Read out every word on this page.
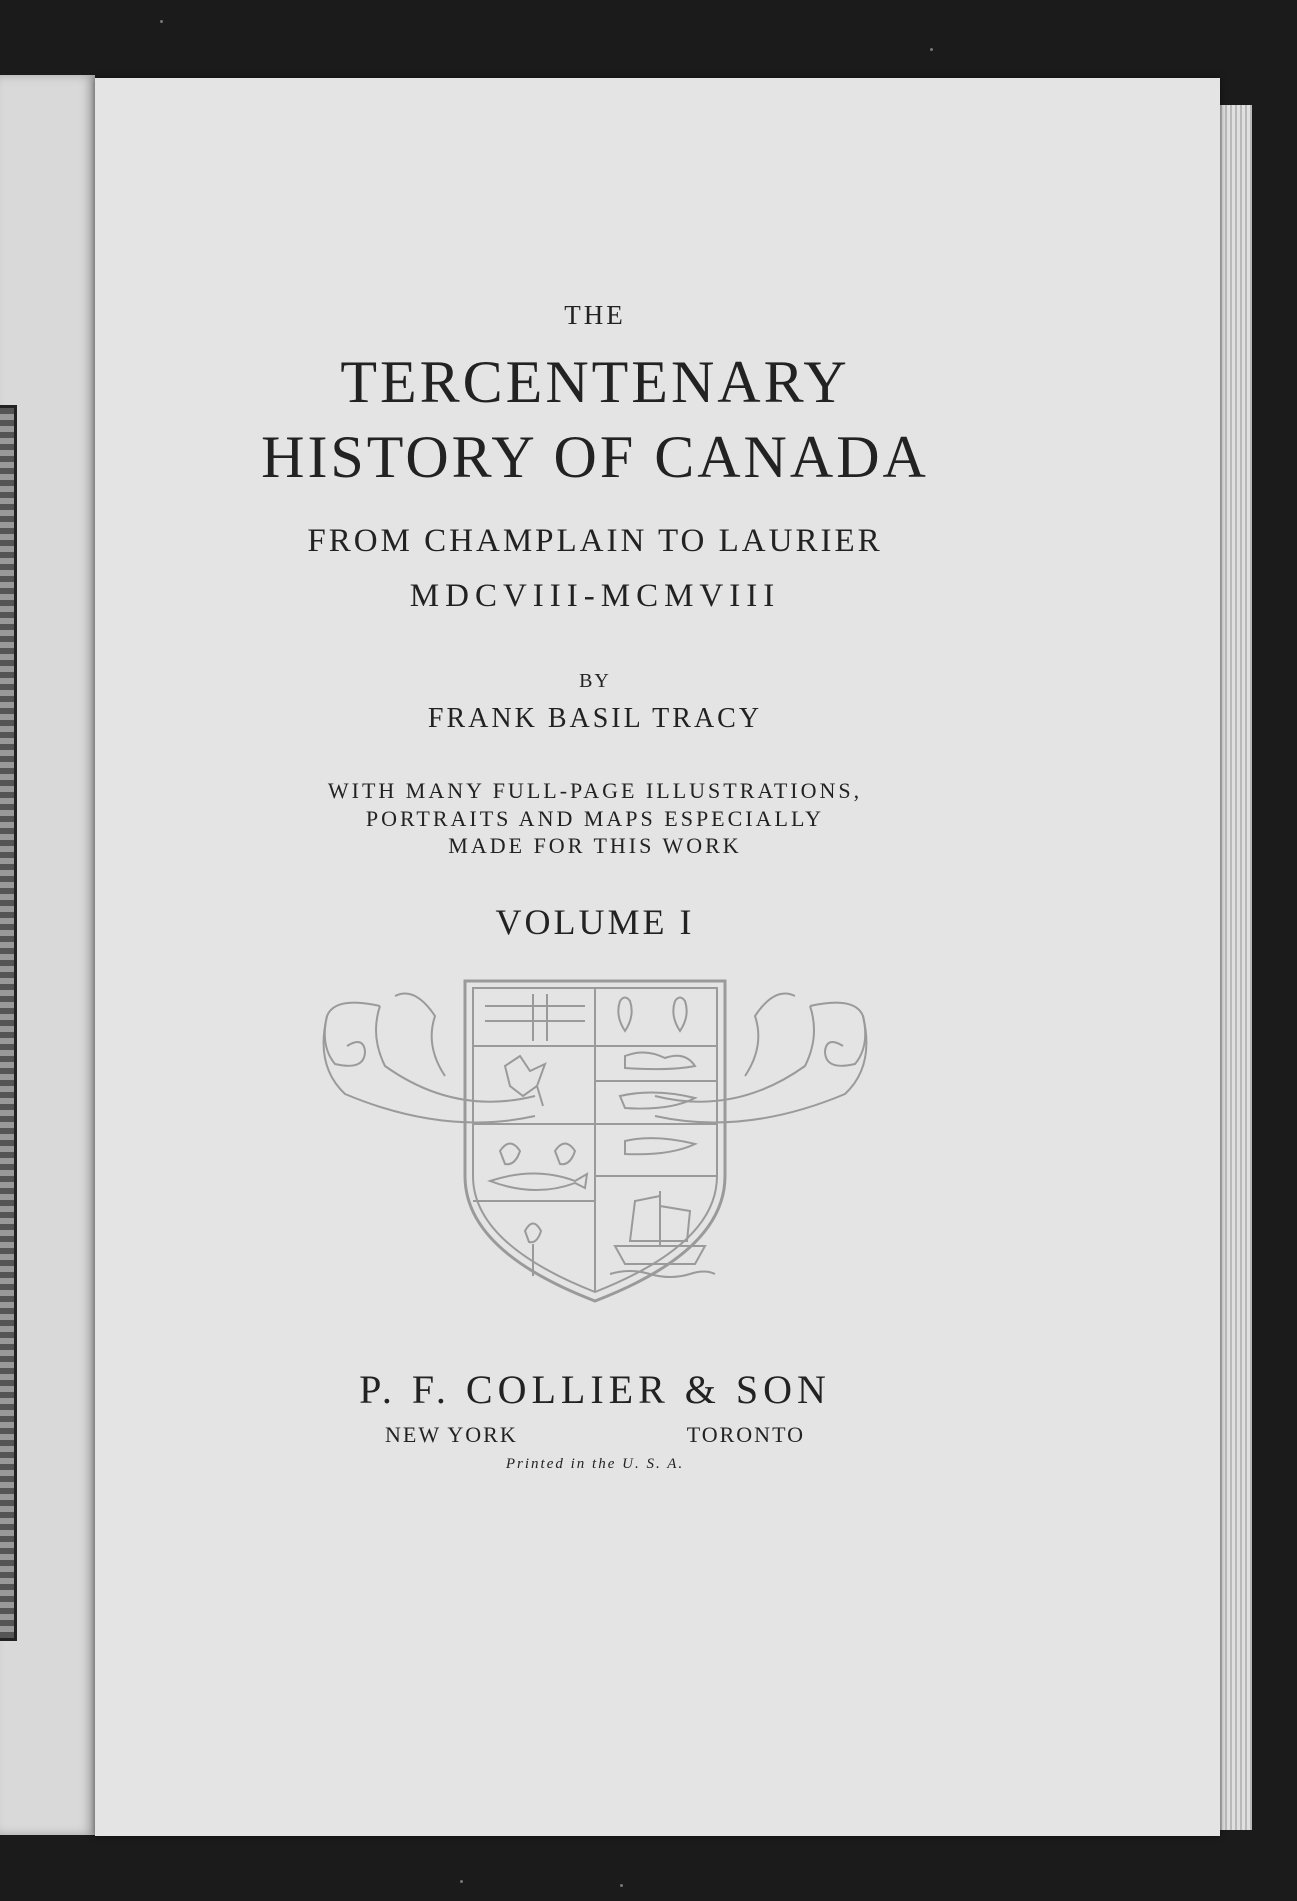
THE

TERCENTENARY

HISTORY OF CANADA

FROM CHAMPLAIN TO LAURIER

MDCVIII-MCMVIII

BY

FRANK BASIL TRACY

WITH MANY FULL-PAGE ILLUSTRATIONS,

PORTRAITS AND MAPS ESPECIALLY

MADE FOR THIS WORK

VOLUME I

P. F. COLLIER & SON

NEW YORK	TORONTO

Printed in the U. S. A.
